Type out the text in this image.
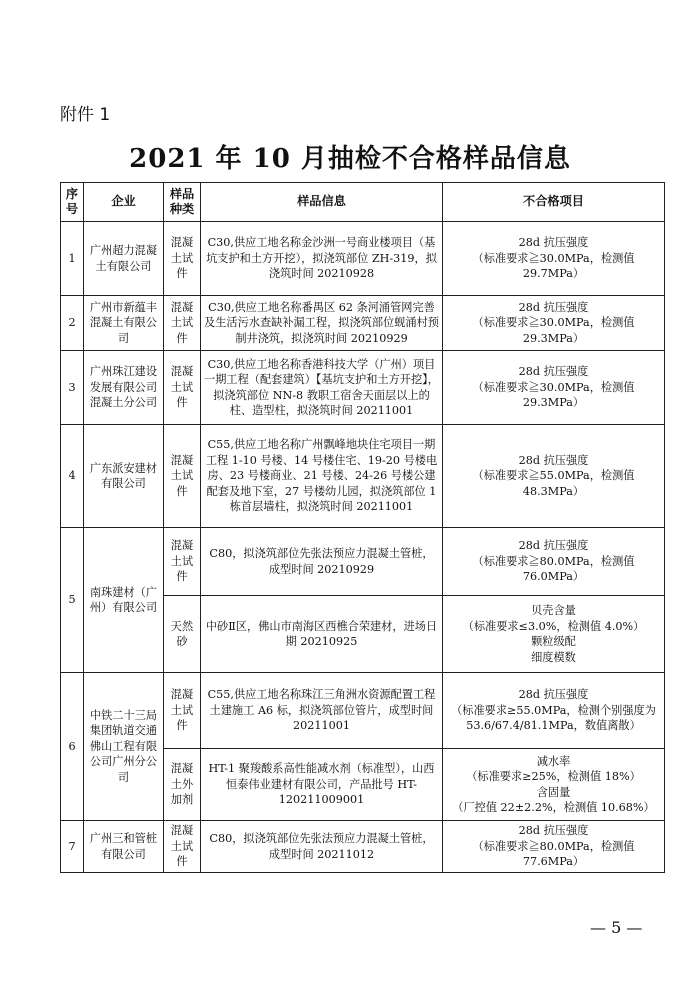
附件 1
2021 年 10 月抽检不合格样品信息
序
号	企业	样品
种类	样品信息	不合格项目
1	广州超力混凝土有限公司	混凝土试件	C30,供应工地名称金沙洲一号商业楼项目（基坑支护和土方开挖），拟浇筑部位 ZH-319，拟浇筑时间 20210928	28d 抗压强度
（标准要求≧30.0MPa，检测值 29.7MPa）
2	广州市新蕴丰混凝土有限公司	混凝土试件	C30,供应工地名称番禺区 62 条河涌管网完善及生活污水查缺补漏工程，拟浇筑部位蚬涌村预制井浇筑，拟浇筑时间 20210929	28d 抗压强度
（标准要求≧30.0MPa，检测值 29.3MPa）
3	广州珠江建设发展有限公司混凝土分公司	混凝土试件	C30,供应工地名称香港科技大学（广州）项目一期工程（配套建筑）【基坑支护和土方开挖】，拟浇筑部位 NN-8 教职工宿舍天面层以上的柱、造型柱，拟浇筑时间 20211001	28d 抗压强度
（标准要求≧30.0MPa，检测值 29.3MPa）
4	广东派安建材有限公司	混凝土试件	C55,供应工地名称广州飘峰地块住宅项目一期工程 1-10 号楼、14 号楼住宅、19-20 号楼电房、23 号楼商业、21 号楼、24-26 号楼公建配套及地下室，27 号楼幼儿园，拟浇筑部位 1 栋首层墙柱，拟浇筑时间 20211001	28d 抗压强度
（标准要求≧55.0MPa，检测值 48.3MPa）
5	南珠建材（广州）有限公司	混凝土试件	C80，拟浇筑部位先张法预应力混凝土管桩，成型时间 20210929	28d 抗压强度
（标准要求≧80.0MPa，检测值 76.0MPa）
		天然砂	中砂Ⅱ区，佛山市南海区西樵合荣建材，进场日期 20210925	贝壳含量
（标准要求≤3.0%，检测值 4.0%）
颗粒级配
细度模数
6	中铁二十三局集团轨道交通佛山工程有限公司广州分公司	混凝土试件	C55,供应工地名称珠江三角洲水资源配置工程土建施工 A6 标，拟浇筑部位管片，成型时间 20211001	28d 抗压强度
（标准要求≥55.0MPa，检测个别强度为 53.6/67.4/81.1MPa，数值离散）
		混凝土外加剂	HT-1 聚羧酸系高性能减水剂（标准型），山西恒泰伟业建材有限公司，产品批号 HT-120211009001	减水率
（标准要求≥25%，检测值 18%）
含固量
（厂控值 22±2.2%，检测值 10.68%）
7	广州三和管桩有限公司	混凝土试件	C80，拟浇筑部位先张法预应力混凝土管桩，成型时间 20211012	28d 抗压强度
（标准要求≧80.0MPa，检测值 77.6MPa）
— 5 —
